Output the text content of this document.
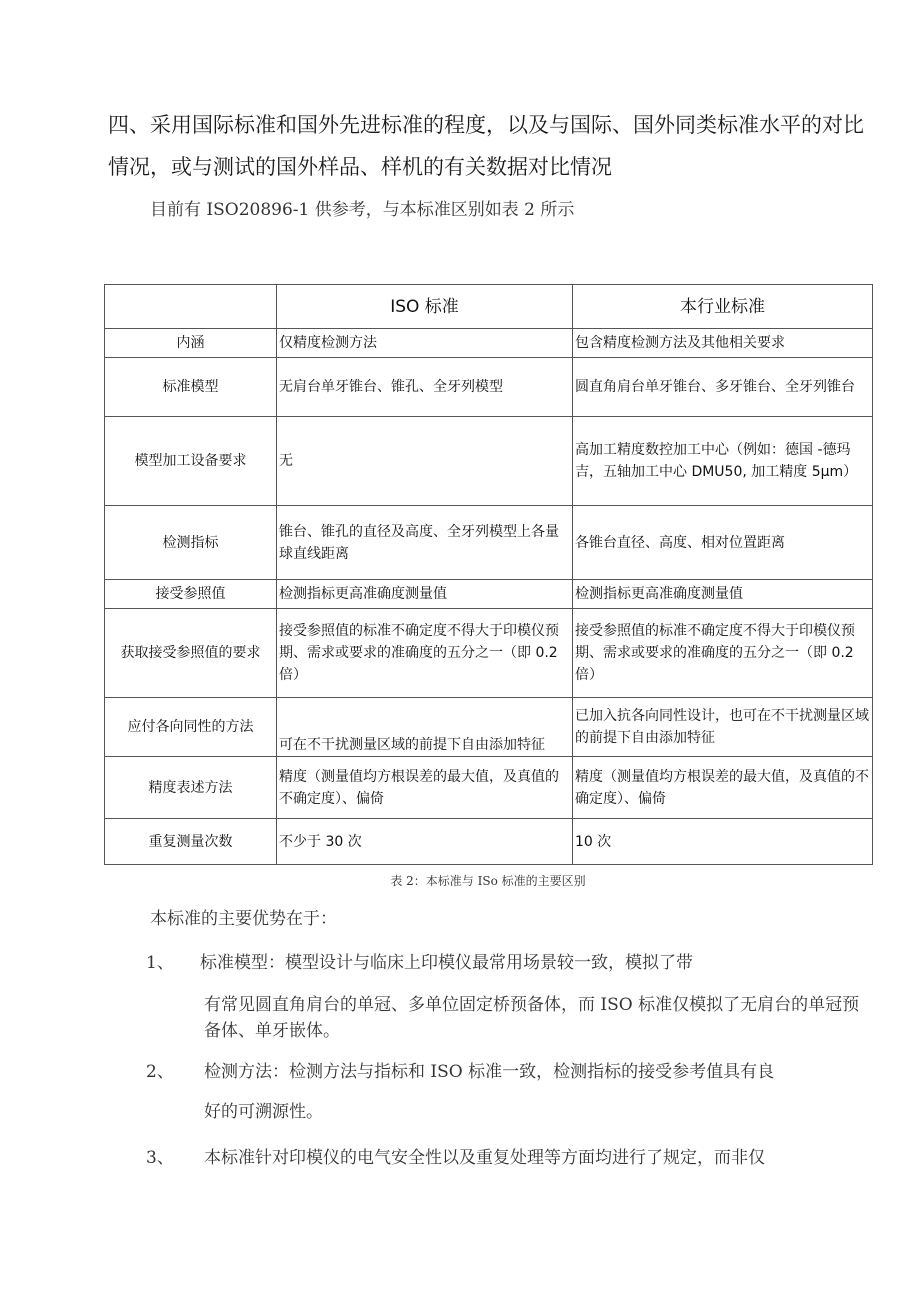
四、采用国际标准和国外先进标准的程度，以及与国际、国外同类标准水平的对比情况，或与测试的国外样品、样机的有关数据对比情况

目前有 ISO20896-1 供参考，与本标准区别如表 2 所示

	ISO 标准	本行业标准
内涵	仅精度检测方法	包含精度检测方法及其他相关要求
标准模型	无肩台单牙锥台、锥孔、全牙列模型	圆直角肩台单牙锥台、多牙锥台、全牙列锥台
模型加工设备要求	无	高加工精度数控加工中心（例如：德国 -德玛吉，五轴加工中心 DMU50, 加工精度 5μm）
检测指标	锥台、锥孔的直径及高度、全牙列模型上各量球直线距离	各锥台直径、高度、相对位置距离
接受参照值	检测指标更高准确度测量值	检测指标更高准确度测量值
获取接受参照值的要求	接受参照值的标准不确定度不得大于印模仪预期、需求或要求的准确度的五分之一（即 0.2 倍）	接受参照值的标准不确定度不得大于印模仪预期、需求或要求的准确度的五分之一（即 0.2 倍）
应付各向同性的方法	可在不干扰测量区域的前提下自由添加特征	已加入抗各向同性设计，也可在不干扰测量区域的前提下自由添加特征
精度表述方法	精度（测量值均方根误差的最大值，及真值的不确定度）、偏倚	精度（测量值均方根误差的最大值，及真值的不确定度）、偏倚
重复测量次数	不少于 30 次	10 次

表 2：本标准与 ISo 标准的主要区别

本标准的主要优势在于：

1、 标准模型：模型设计与临床上印模仪最常用场景较一致，模拟了带

有常见圆直角肩台的单冠、多单位固定桥预备体，而 ISO 标准仅模拟了无肩台的单冠预备体、单牙嵌体。

2、 检测方法：检测方法与指标和 ISO 标准一致，检测指标的接受参考值具有良

好的可溯源性。

3、 本标准针对印模仪的电气安全性以及重复处理等方面均进行了规定，而非仅
